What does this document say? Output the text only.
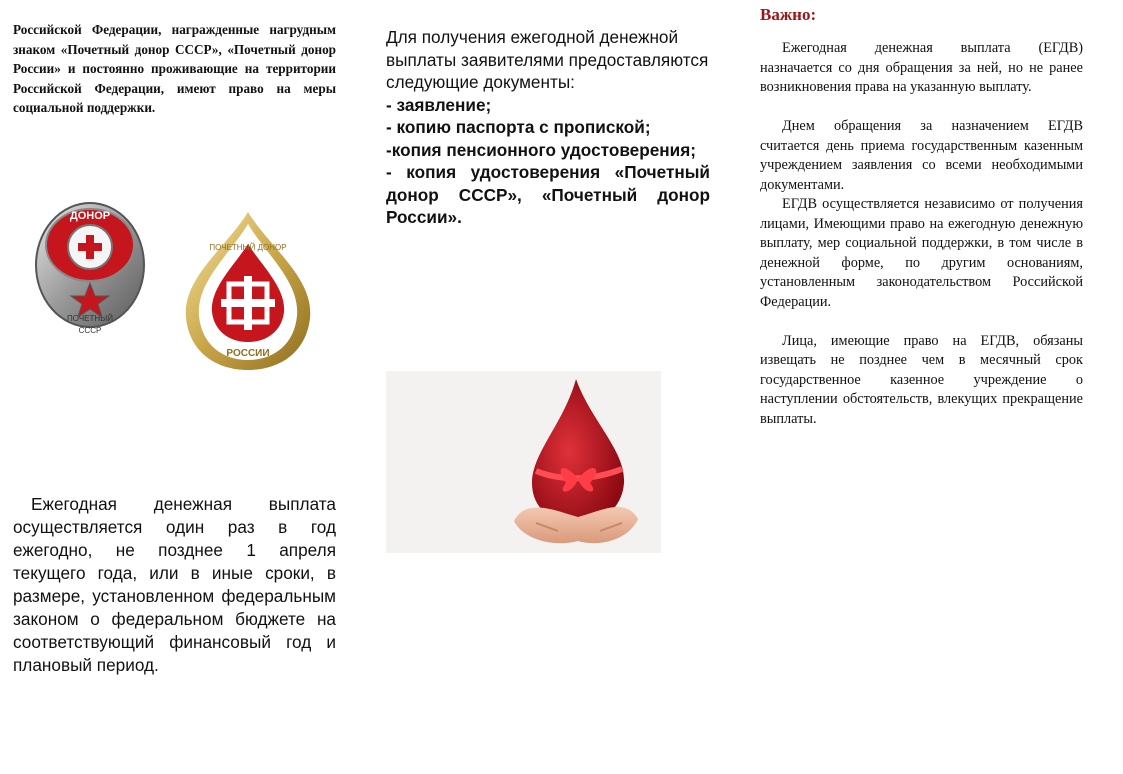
Российской Федерации, награжденные нагрудным знаком «Почетный донор СССР», «Почетный донор России» и постоянно проживающие на территории Российской Федерации, имеют право на меры социальной поддержки.
ДОНОР
ПОЧЕТНЫЙ
СССР
ПОЧЕТНЫЙ ДОНОР
РОССИИ
Ежегодная денежная выплата осуществляется один раз в год ежегодно, не позднее 1 апреля текущего года, или в иные сроки, в размере, установленном федеральным законом о федеральном бюджете на соответствующий финансовый год и плановый период.
Для получения ежегодной денежной выплаты заявителями предоставляются следующие документы:
- заявление;
- копию паспорта с пропиской;
-копия пенсионного удостоверения;
- копия удостоверения «Почетный донор СССР», «Почетный донор России».
Важно:

Ежегодная денежная выплата (ЕГДВ) назначается со дня обращения за ней, но не ранее возникновения права на указанную выплату.

Днем обращения за назначением ЕГДВ считается день приема государственным казенным учреждением заявления со всеми необходимыми документами.

ЕГДВ осуществляется независимо от получения лицами, Имеющими право на ежегодную денежную выплату, мер социальной поддержки, в том числе в денежной форме, по другим основаниям, установленным законодательством Российской Федерации.

Лица, имеющие право на ЕГДВ, обязаны извещать не позднее чем в месячный срок государственное казенное учреждение о наступлении обстоятельств, влекущих прекращение выплаты.
